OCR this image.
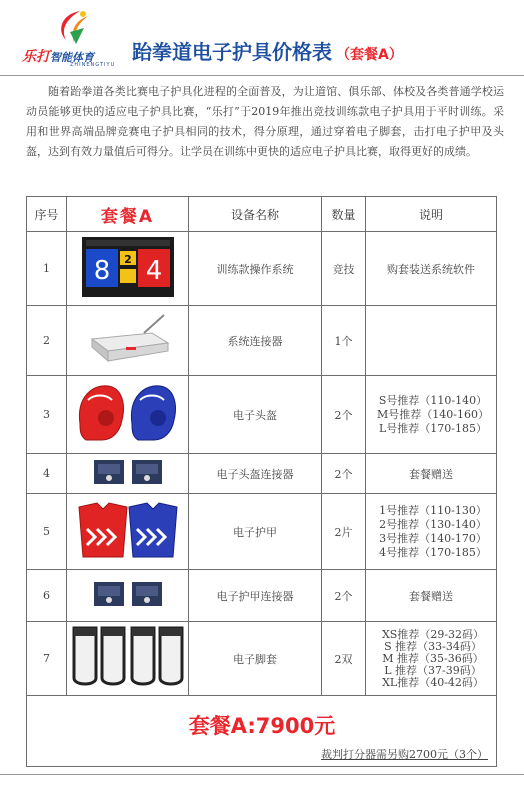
乐打智能体育
ZHINENGTIYU
跆拳道电子护具价格表 （套餐A）
随着跆拳道各类比赛电子护具化进程的全面普及，为让道馆、俱乐部、体校及各类普通学校运动员能够更快的适应电子护具比赛，“乐打”于2019年推出竞技训练款电子护具用于平时训练。采用和世界高端品牌竞赛电子护具相同的技术，得分原理，通过穿着电子脚套，击打电子护甲及头盔，达到有效力量值后可得分。让学员在训练中更快的适应电子护具比赛，取得更好的成绩。
序号	套餐A	设备名称	数量	说明
1	8 2 4	训练款操作系统	竞技	购套装送系统软件

2		系统连接器	1个	
3		电子头盔	2个	S号推荐（110-140）
M号推荐（140-160）
L号推荐（170-185）

4		电子头盔连接器	2个	套餐赠送

5		电子护甲	2片	1号推荐（110-130）
2号推荐（130-140）
3号推荐（140-170）
4号推荐（170-185）

6		电子护甲连接器	2个	套餐赠送

7		电子脚套	2双	XS推荐（29-32码）
S 推荐（33-34码）
M 推荐（35-36码）
L 推荐（37-39码）
XL推荐（40-42码）

套餐A:7900元
裁判打分器需另购2700元（3个）				
